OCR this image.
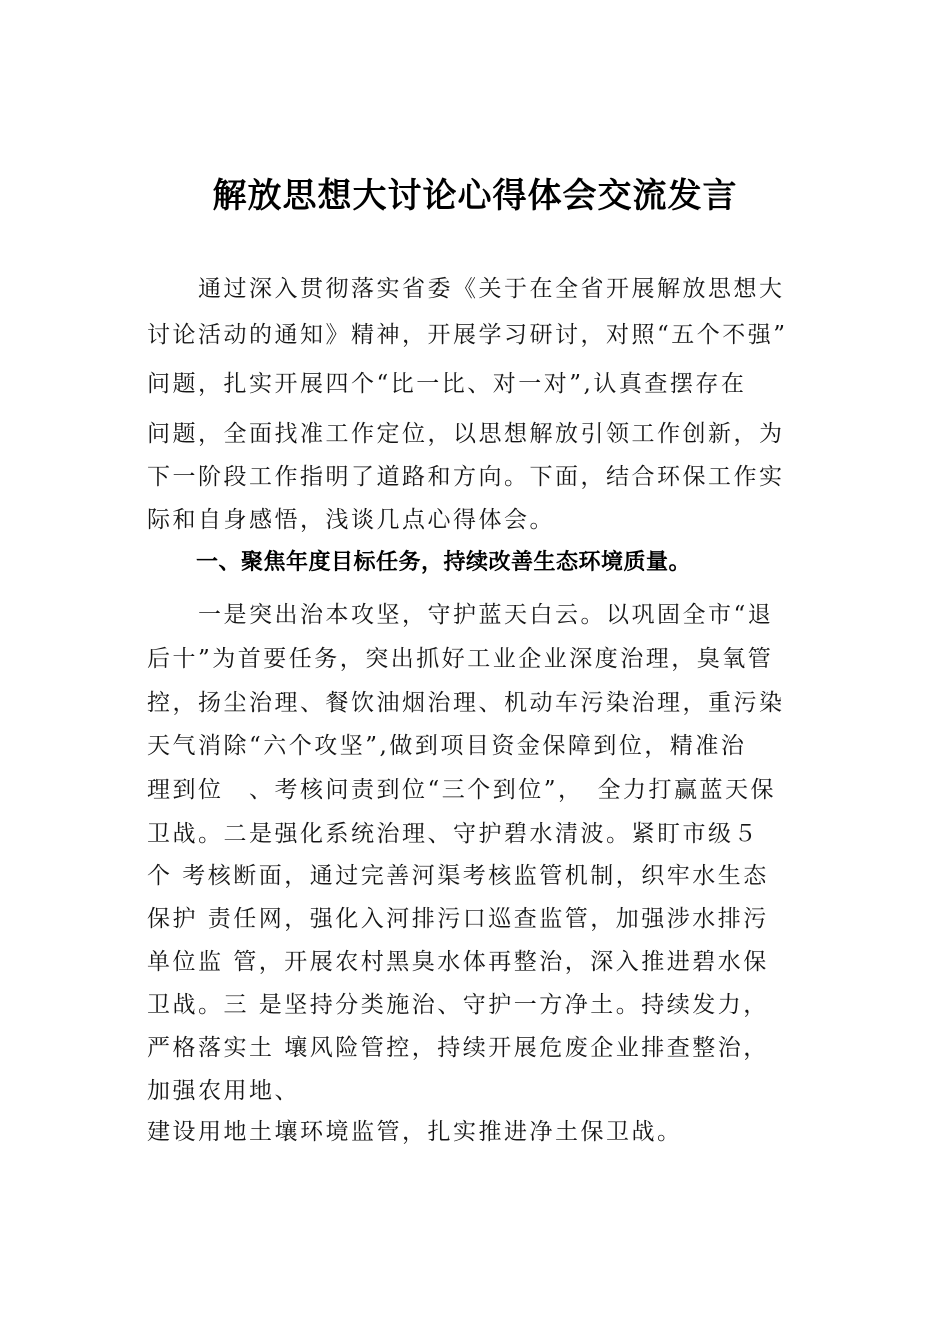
解放思想大讨论心得体会交流发言
　　通过深入贯彻落实省委《关于在全省开展解放思想大
讨论活动的通知》精神，开展学习研讨，对照“五个不强”
问题，扎实开展四个“比一比、对一对”,认真查摆存在
问题，全面找准工作定位，以思想解放引领工作创新，为
下一阶段工作指明了道路和方向。下面，结合环保工作实
际和自身感悟，浅谈几点心得体会。
一、聚焦年度目标任务，持续改善生态环境质量。
　　一是突出治本攻坚，守护蓝天白云。以巩固全市“退
后十”为首要任务，突出抓好工业企业深度治理，臭氧管
控，扬尘治理、餐饮油烟治理、机动车污染治理，重污染
天气消除“六个攻坚”,做到项目资金保障到位，精准治
理到位　、考核问责到位“三个到位”，　全力打赢蓝天保
卫战。二是强化系统治理、守护碧水清波。紧盯市级５
个 考核断面，通过完善河渠考核监管机制，织牢水生态
保护 责任网，强化入河排污口巡查监管，加强涉水排污
单位监 管，开展农村黑臭水体再整治，深入推进碧水保
卫战。三 是坚持分类施治、守护一方净土。持续发力，
严格落实土 壤风险管控，持续开展危废企业排查整治，
加强农用地、
建设用地土壤环境监管，扎实推进净土保卫战。
